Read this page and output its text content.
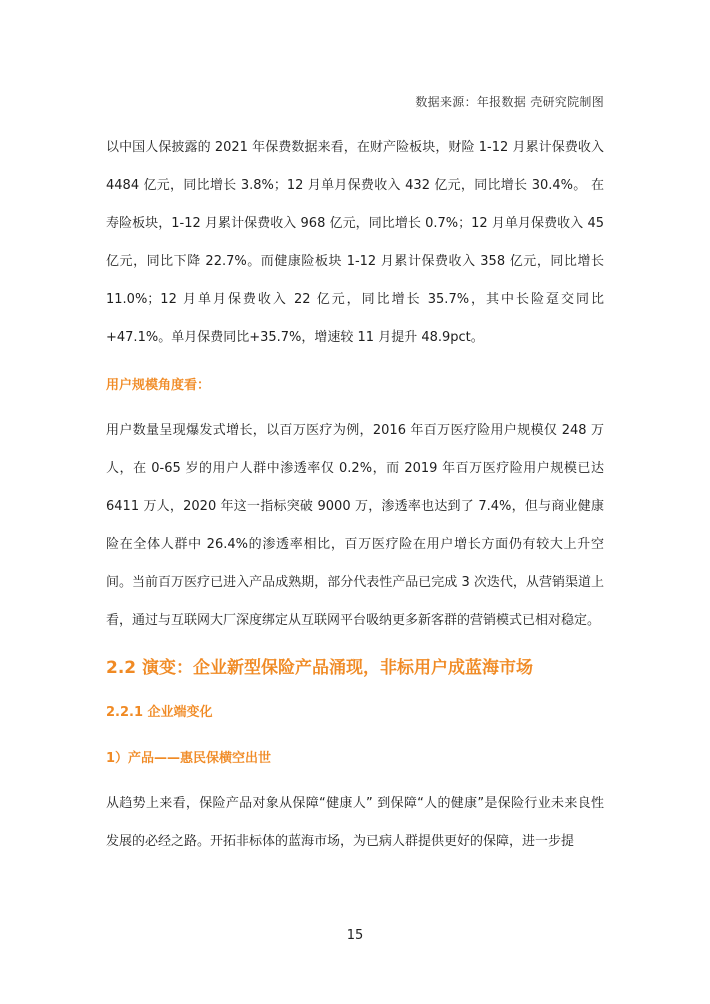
数据来源：年报数据 壳研究院制图

以中国人保披露的 2021 年保费数据来看，在财产险板块，财险 1-12 月累计保费收入 4484 亿元，同比增长 3.8%；12 月单月保费收入 432 亿元，同比增长 30.4%。 在寿险板块，1-12 月累计保费收入 968 亿元，同比增长 0.7%；12 月单月保费收入 45 亿元，同比下降 22.7%。而健康险板块 1-12 月累计保费收入 358 亿元，同比增长 11.0%；12 月单月保费收入 22 亿元，同比增长 35.7%，其中长险趸交同比+47.1%。单月保费同比+35.7%，增速较 11 月提升 48.9pct。

用户规模角度看：

用户数量呈现爆发式增长，以百万医疗为例，2016 年百万医疗险用户规模仅 248 万人，在 0-65 岁的用户人群中渗透率仅 0.2%，而 2019 年百万医疗险用户规模已达 6411 万人，2020 年这一指标突破 9000 万，渗透率也达到了 7.4%，但与商业健康险在全体人群中 26.4%的渗透率相比，百万医疗险在用户增长方面仍有较大上升空间。当前百万医疗已进入产品成熟期，部分代表性产品已完成 3 次迭代，从营销渠道上看，通过与互联网大厂深度绑定从互联网平台吸纳更多新客群的营销模式已相对稳定。

2.2 演变：企业新型保险产品涌现，非标用户成蓝海市场
2.2.1 企业端变化
1）产品——惠民保横空出世

从趋势上来看，保险产品对象从保障“健康人” 到保障“人的健康”是保险行业未来良性发展的必经之路。开拓非标体的蓝海市场，为已病人群提供更好的保障，进一步提

15
